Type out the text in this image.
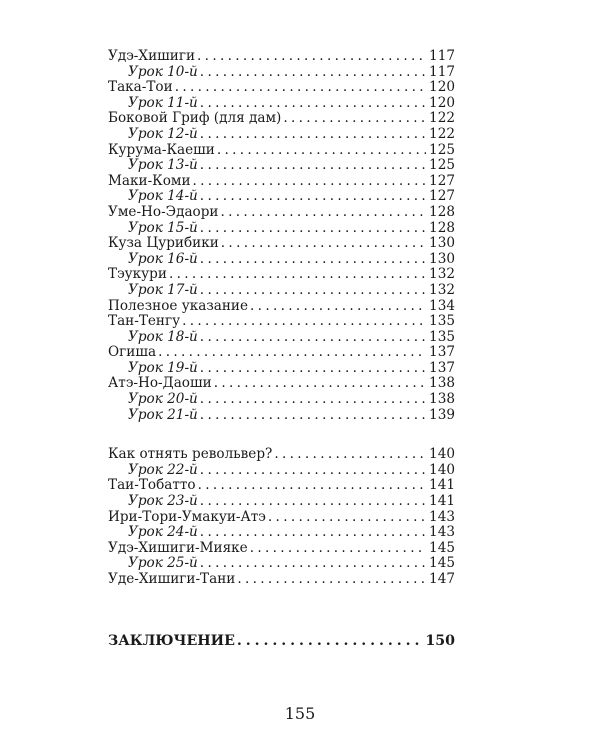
Удэ-Хишиги . . .	117
Урок 10-й . . .	117
Така-Тои . . .	120
Урок 11-й . . .	120
Боковой Гриф (для дам) . . .	122
Урок 12-й . . .	122
Курума-Каеши . . .	125
Урок 13-й . . .	125
Маки-Коми . . .	127
Урок 14-й . . .	127
Уме-Но-Эдаори . . .	128
Урок 15-й . . .	128
Куза Цурибики . . .	130
Урок 16-й . . .	130
Тэукури . . .	132
Урок 17-й . . .	132
Полезное указание . . .	134
Тан-Тенгу . . .	135
Урок 18-й . . .	135
Огиша . . .	137
Урок 19-й . . .	137
Атэ-Но-Даоши . . .	138
Урок 20-й . . .	138
Урок 21-й . . .	139
Как отнять револьвер? . . .	140
Урок 22-й . . .	140
Таи-Тобатто . . .	141
Урок 23-й . . .	141
Ири-Тори-Умакуи-Атэ . . .	143
Урок 24-й . . .	143
Удэ-Хишиги-Мияке . . .	145
Урок 25-й . . .	145
Уде-Хишиги-Тани . . .	147
ЗАКЛЮЧЕНИЕ . . .	150
155
